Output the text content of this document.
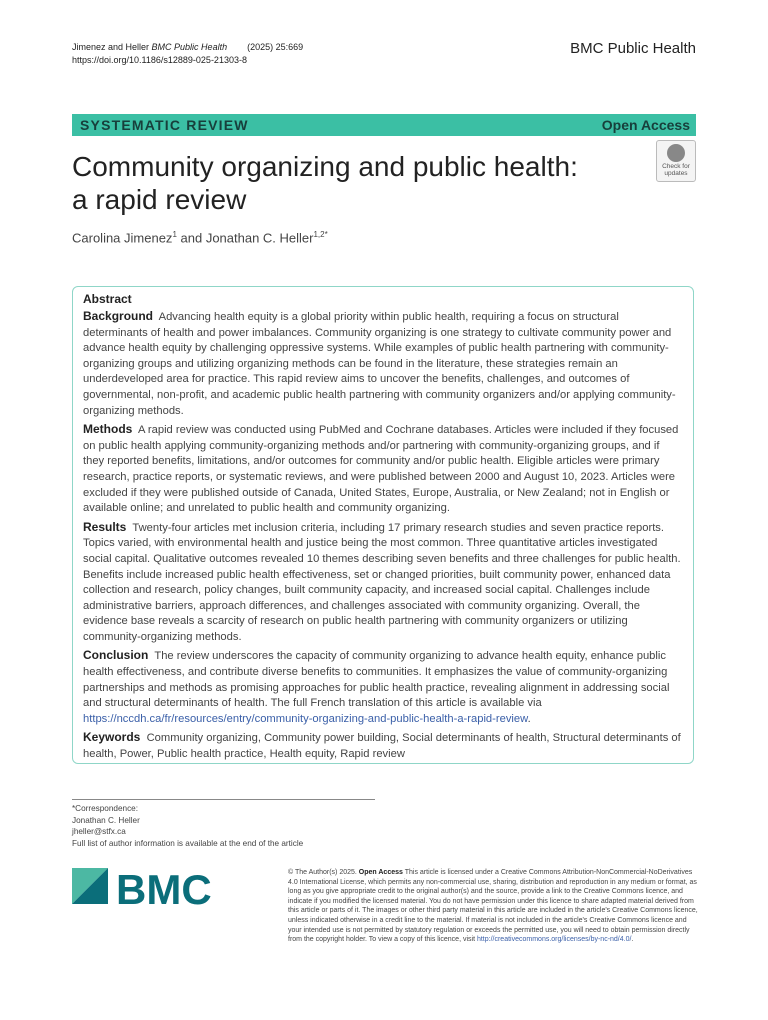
Jimenez and Heller BMC Public Health (2025) 25:669
https://doi.org/10.1186/s12889-025-21303-8
BMC Public Health
SYSTEMATIC REVIEW	Open Access
Community organizing and public health:
a rapid review
Check for
updates
Carolina Jimenez$^1$ and Jonathan C. Heller$^{1,2*}$
Abstract

Background Advancing health equity is a global priority within public health, requiring a focus on structural determinants of health and power imbalances. Community organizing is one strategy to cultivate community power and advance health equity by challenging oppressive systems. While examples of public health partnering with community-organizing groups and utilizing organizing methods can be found in the literature, these strategies remain an underdeveloped area for practice. This rapid review aims to uncover the benefits, challenges, and outcomes of governmental, non-profit, and academic public health partnering with community organizers and/or applying community-organizing methods.

Methods A rapid review was conducted using PubMed and Cochrane databases. Articles were included if they focused on public health applying community-organizing methods and/or partnering with community-organizing groups, and if they reported benefits, limitations, and/or outcomes for community and/or public health. Eligible articles were primary research, practice reports, or systematic reviews, and were published between 2000 and August 10, 2023. Articles were excluded if they were published outside of Canada, United States, Europe, Australia, or New Zealand; not in English or available online; and unrelated to public health and community organizing.

Results Twenty-four articles met inclusion criteria, including 17 primary research studies and seven practice reports. Topics varied, with environmental health and justice being the most common. Three quantitative articles investigated social capital. Qualitative outcomes revealed 10 themes describing seven benefits and three challenges for public health. Benefits include increased public health effectiveness, set or changed priorities, built community power, enhanced data collection and research, policy changes, built community capacity, and increased social capital. Challenges include administrative barriers, approach differences, and challenges associated with community organizing. Overall, the evidence base reveals a scarcity of research on public health partnering with community organizers or utilizing community-organizing methods.

Conclusion The review underscores the capacity of community organizing to advance health equity, enhance public health effectiveness, and contribute diverse benefits to communities. It emphasizes the value of community-organizing partnerships and methods as promising approaches for public health practice, revealing alignment in addressing social and structural determinants of health. The full French translation of this article is available via https://nccdh.ca/fr/resources/entry/community-organizing-and-public-health-a-rapid-review.

Keywords Community organizing, Community power building, Social determinants of health, Structural determinants of health, Power, Public health practice, Health equity, Rapid review

*Correspondence:
Jonathan C. Heller
jheller@stfx.ca
Full list of author information is available at the end of the article
BMC	© The Author(s) 2025. Open Access This article is licensed under a Creative Commons Attribution-NonCommercial-NoDerivatives 4.0 International License, which permits any non-commercial use, sharing, distribution and reproduction in any medium or format, as long as you give appropriate credit to the original author(s) and the source, provide a link to the Creative Commons licence, and indicate if you modified the licensed material. You do not have permission under this licence to share adapted material derived from this article or parts of it. The images or other third party material in this article are included in the article's Creative Commons licence, unless indicated otherwise in a credit line to the material. If material is not included in the article's Creative Commons licence and your intended use is not permitted by statutory regulation or exceeds the permitted use, you will need to obtain permission directly from the copyright holder. To view a copy of this licence, visit http://creativecommons.org/licenses/by-nc-nd/4.0/.
